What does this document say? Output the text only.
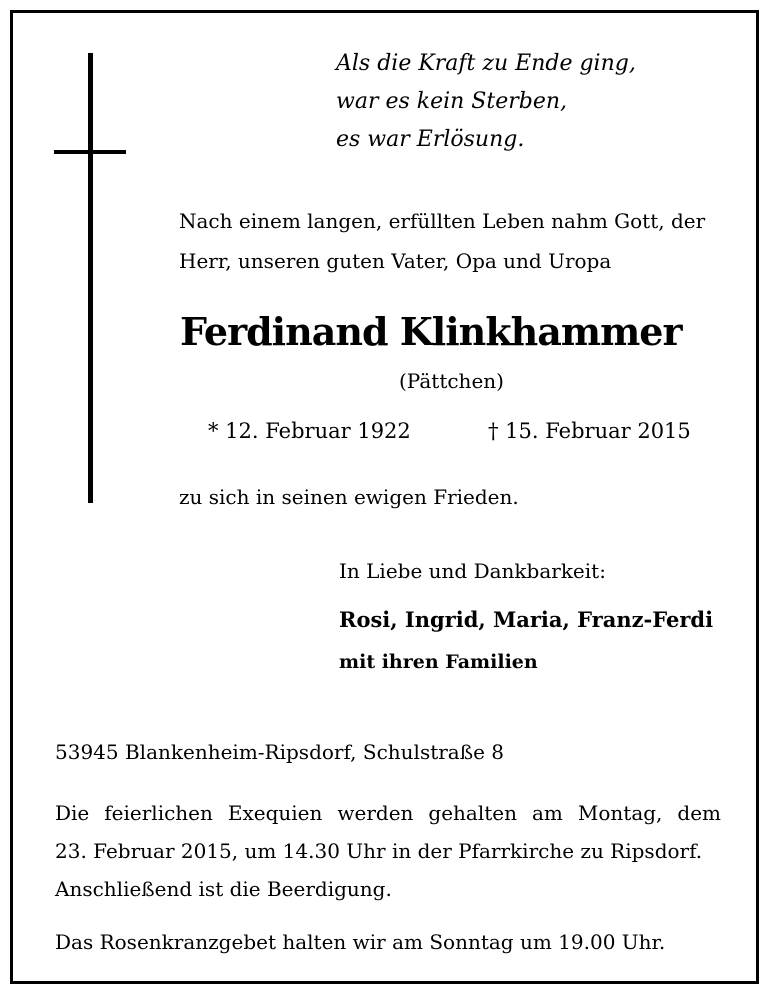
Als die Kraft zu Ende ging,
war es kein Sterben,
es war Erlösung.
Nach einem langen, erfüllten Leben nahm Gott, der
Herr, unseren guten Vater, Opa und Uropa
Ferdinand Klinkhammer
(Pättchen)
* 12. Februar 1922	† 15. Februar 2015
zu sich in seinen ewigen Frieden.
In Liebe und Dankbarkeit:
Rosi, Ingrid, Maria, Franz-Ferdi
mit ihren Familien
53945 Blankenheim-Ripsdorf, Schulstraße 8
Die feierlichen Exequien werden gehalten am Montag, dem
23. Februar 2015, um 14.30 Uhr in der Pfarrkirche zu Ripsdorf.
Anschließend ist die Beerdigung.
Das Rosenkranzgebet halten wir am Sonntag um 19.00 Uhr.
